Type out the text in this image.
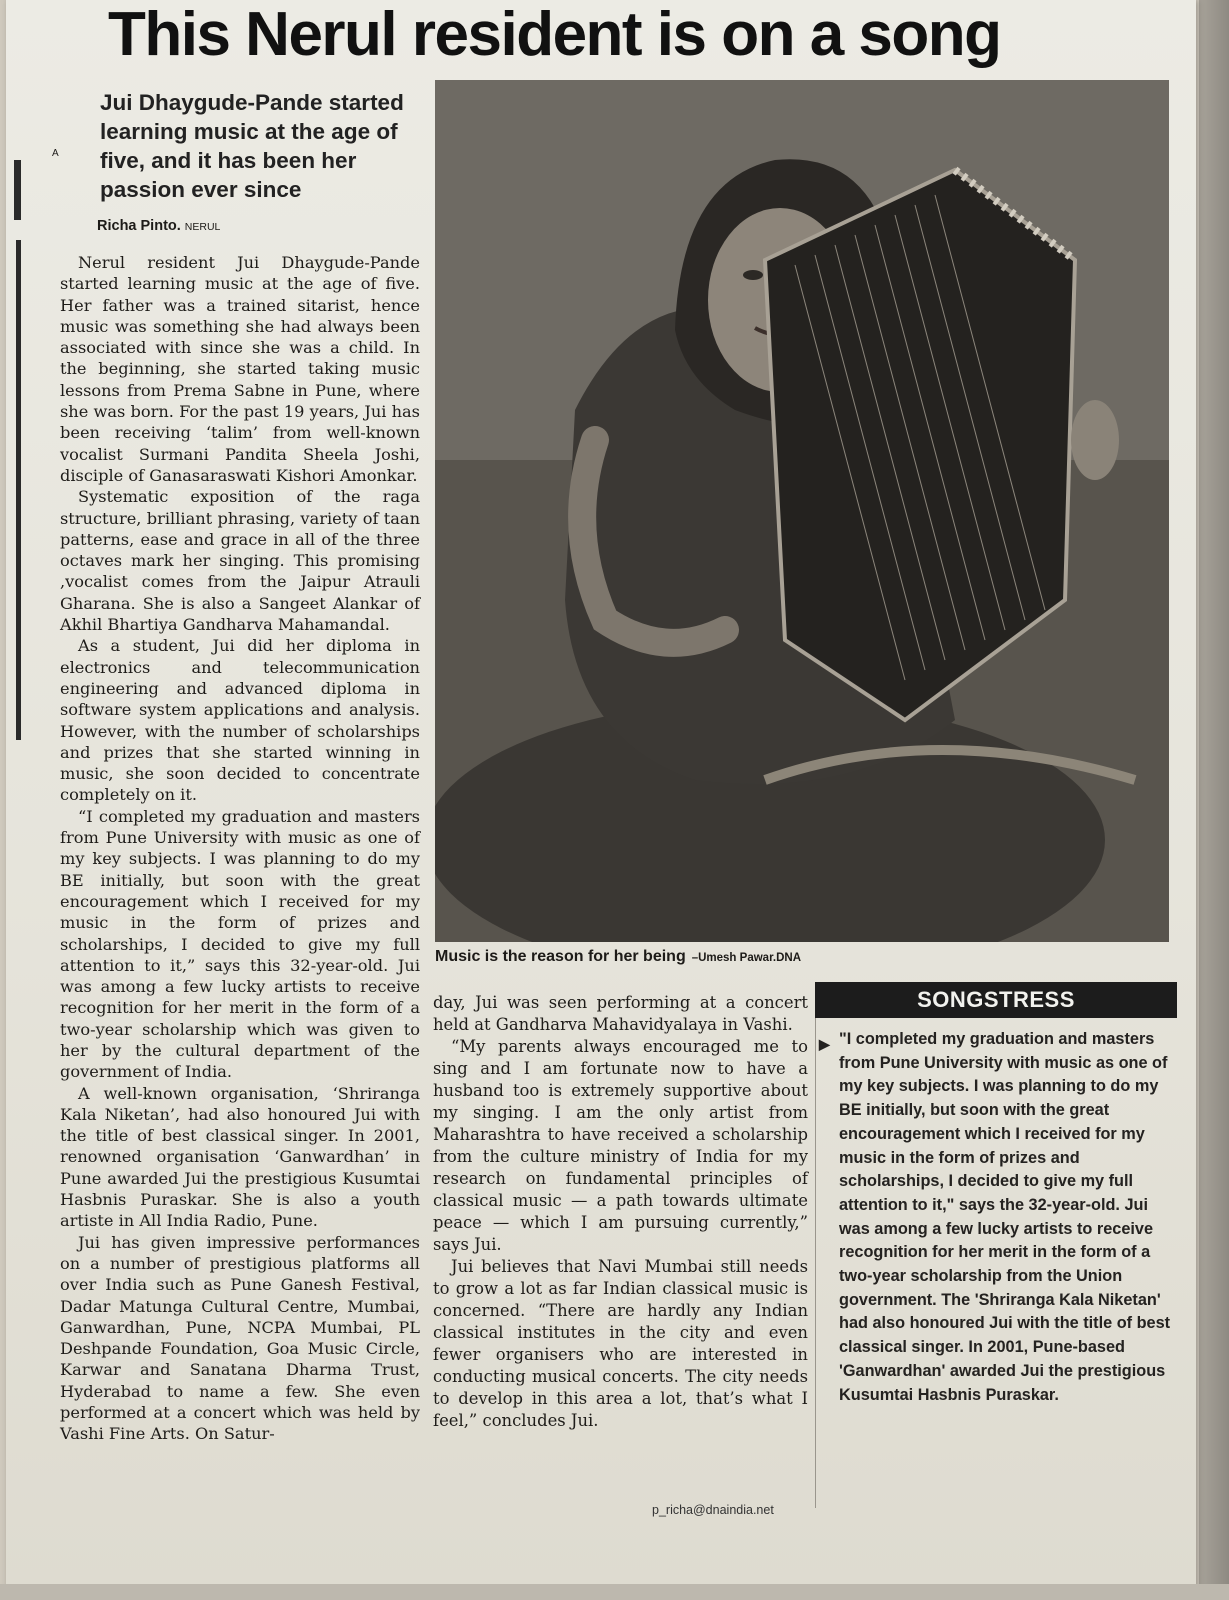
A
This Nerul resident is on a song
Jui Dhaygude-Pande started learning music at the age of five, and it has been her passion ever since
Richa Pinto. NERUL

Nerul resident Jui Dhaygude-Pande started learning music at the age of five. Her father was a trained sitarist, hence music was something she had always been associated with since she was a child. In the beginning, she started taking music lessons from Prema Sabne in Pune, where she was born. For the past 19 years, Jui has been receiving ‘talim’ from well-known vocalist Surmani Pandita Sheela Joshi, disciple of Ganasaraswati Kishori Amonkar.

Systematic exposition of the raga structure, brilliant phrasing, variety of taan patterns, ease and grace in all of the three octaves mark her singing. This promising ,vocalist comes from the Jaipur Atrauli Gharana. She is also a Sangeet Alankar of Akhil Bhartiya Gandharva Mahamandal.

As a student, Jui did her diploma in electronics and telecommunication engineering and advanced diploma in software system applications and analysis. However, with the number of scholarships and prizes that she started winning in music, she soon decided to concentrate completely on it.

“I completed my graduation and masters from Pune University with music as one of my key subjects. I was planning to do my BE initially, but soon with the great encouragement which I received for my music in the form of prizes and scholarships, I decided to give my full attention to it,” says this 32-year-old. Jui was among a few lucky artists to receive recognition for her merit in the form of a two-year scholarship which was given to her by the cultural department of the government of India.

A well-known organisation, ‘Shriranga Kala Niketan’, had also honoured Jui with the title of best classical singer. In 2001, renowned organisation ‘Ganwardhan’ in Pune awarded Jui the prestigious Kusumtai Hasbnis Puraskar. She is also a youth artiste in All India Radio, Pune.

Jui has given impressive performances on a number of prestigious platforms all over India such as Pune Ganesh Festival, Dadar Matunga Cultural Centre, Mumbai, Ganwardhan, Pune, NCPA Mumbai, PL Deshpande Foundation, Goa Music Circle, Karwar and Sanatana Dharma Trust, Hyderabad to name a few. She even performed at a concert which was held by Vashi Fine Arts. On Satur-

Music is the reason for her being –Umesh Pawar.DNA

day, Jui was seen performing at a concert held at Gandharva Mahavidyalaya in Vashi.

“My parents always encouraged me to sing and I am fortunate now to have a husband too is extremely supportive about my singing. I am the only artist from Maharashtra to have received a scholarship from the culture ministry of India for my research on fundamental principles of classical music — a path towards ultimate peace — which I am pursuing currently,” says Jui.

Jui believes that Navi Mumbai still needs to grow a lot as far Indian classical music is concerned. “There are hardly any Indian classical institutes in the city and even fewer organisers who are interested in conducting musical concerts. The city needs to develop in this area a lot, that’s what I feel,” concludes Jui.

SONGSTRESS
▶ "I completed my graduation and masters from Pune University with music as one of my key subjects. I was planning to do my BE initially, but soon with the great encouragement which I received for my music in the form of prizes and scholarships, I decided to give my full attention to it," says the 32-year-old. Jui was among a few lucky artists to receive recognition for her merit in the form of a two-year scholarship from the Union government. The 'Shriranga Kala Niketan' had also honoured Jui with the title of best classical singer. In 2001, Pune-based 'Ganwardhan' awarded Jui the prestigious Kusumtai Hasbnis Puraskar.
p_richa@dnaindia.net
